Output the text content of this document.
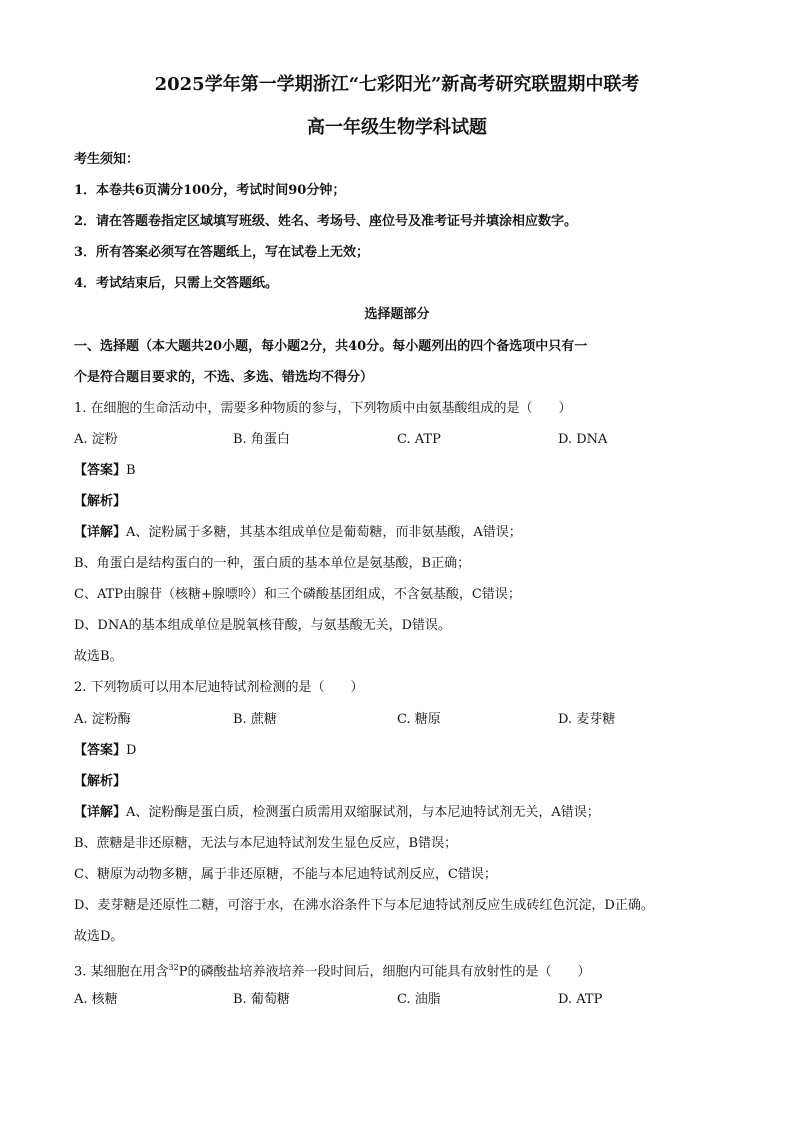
2025学年第一学期浙江“七彩阳光”新高考研究联盟期中联考
高一年级生物学科试题
考生须知：
1．本卷共6页满分100分，考试时间90分钟；
2．请在答题卷指定区域填写班级、姓名、考场号、座位号及准考证号并填涂相应数字。
3．所有答案必须写在答题纸上，写在试卷上无效；
4．考试结束后，只需上交答题纸。
选择题部分
一、选择题（本大题共20小题，每小题2分，共40分。每小题列出的四个备选项中只有一
个是符合题目要求的，不选、多选、错选均不得分）
1. 在细胞的生命活动中，需要多种物质的参与，下列物质中由氨基酸组成的是（　　）
A. 淀粉	B. 角蛋白	C. ATP	D. DNA
【答案】B
【解析】
【详解】A、淀粉属于多糖，其基本组成单位是葡萄糖，而非氨基酸，A错误；
B、角蛋白是结构蛋白的一种，蛋白质的基本单位是氨基酸，B正确；
C、ATP由腺苷（核糖+腺嘌呤）和三个磷酸基团组成，不含氨基酸，C错误；
D、DNA的基本组成单位是脱氧核苷酸，与氨基酸无关，D错误。
故选B。
2. 下列物质可以用本尼迪特试剂检测的是（　　）
A. 淀粉酶	B. 蔗糖	C. 糖原	D. 麦芽糖
【答案】D
【解析】
【详解】A、淀粉酶是蛋白质，检测蛋白质需用双缩脲试剂，与本尼迪特试剂无关，A错误；
B、蔗糖是非还原糖，无法与本尼迪特试剂发生显色反应，B错误；
C、糖原为动物多糖，属于非还原糖，不能与本尼迪特试剂反应，C错误；
D、麦芽糖是还原性二糖，可溶于水，在沸水浴条件下与本尼迪特试剂反应生成砖红色沉淀，D正确。
故选D。
3. 某细胞在用含$^{32}$P的磷酸盐培养液培养一段时间后，细胞内可能具有放射性的是（　　）
A. 核糖	B. 葡萄糖	C. 油脂	D. ATP
